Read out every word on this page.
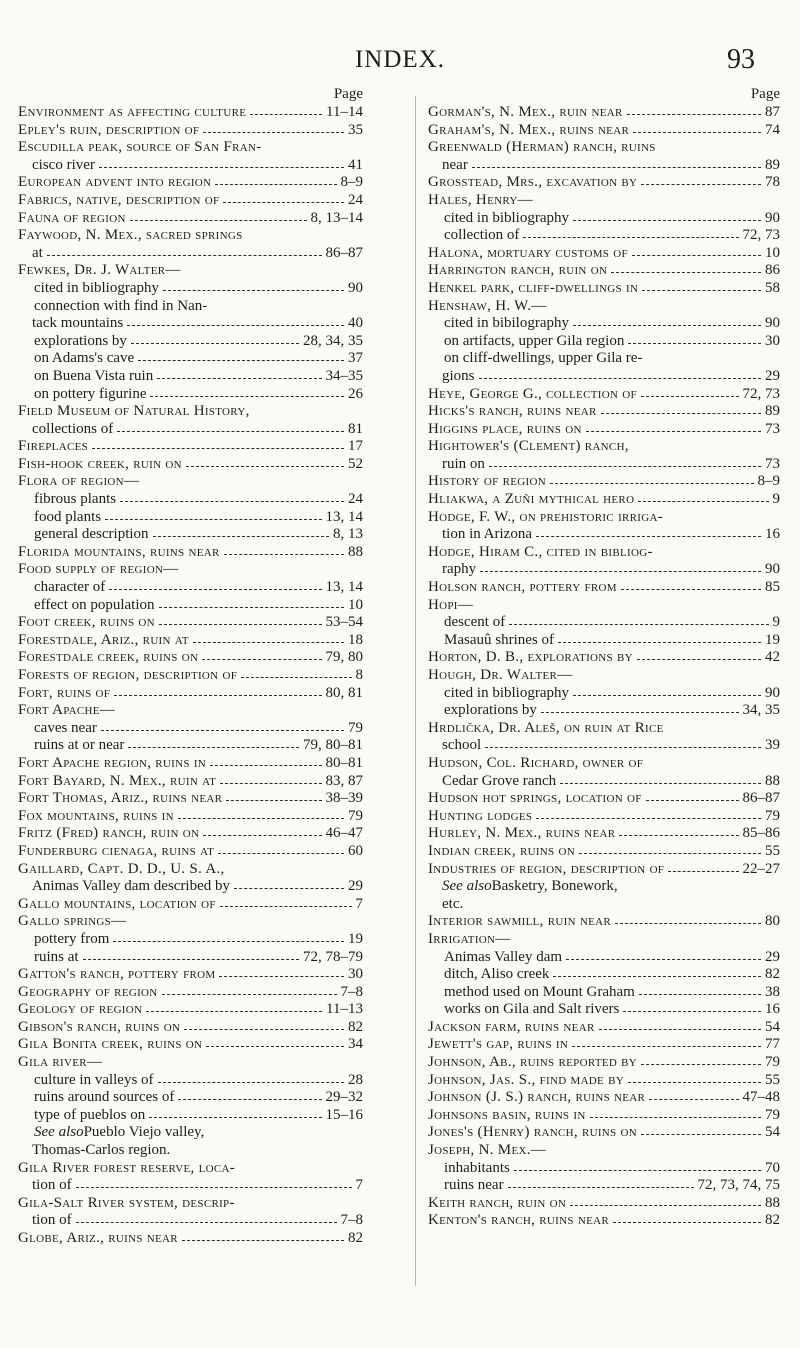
INDEX.	93
Page
Environment as affecting culture	11–14
Epley's ruin, description of	35
Escudilla peak, source of San Fran-
cisco river	41
European advent into region	8–9
Fabrics, native, description of	24
Fauna of region	8, 13–14
Faywood, N. Mex., sacred springs
at	86–87
Fewkes, Dr. J. Walter—
cited in bibliography	90
connection with find in Nan-
tack mountains	40
explorations by	28, 34, 35
on Adams's cave	37
on Buena Vista ruin	34–35
on pottery figurine	26
Field Museum of Natural History,
collections of	81
Fireplaces	17
Fish-hook creek, ruin on	52
Flora of region—
fibrous plants	24
food plants	13, 14
general description	8, 13
Florida mountains, ruins near	88
Food supply of region—
character of	13, 14
effect on population	10
Foot creek, ruins on	53–54
Forestdale, Ariz., ruin at	18
Forestdale creek, ruins on	79, 80
Forests of region, description of	8
Fort, ruins of	80, 81
Fort Apache—
caves near	79
ruins at or near	79, 80–81
Fort Apache region, ruins in	80–81
Fort Bayard, N. Mex., ruin at	83, 87
Fort Thomas, Ariz., ruins near	38–39
Fox mountains, ruins in	79
Fritz (Fred) ranch, ruin on	46–47
Funderburg cienaga, ruins at	60
Gaillard, Capt. D. D., U. S. A.,
Animas Valley dam described by	29
Gallo mountains, location of	7
Gallo springs—
pottery from	19
ruins at	72, 78–79
Gatton's ranch, pottery from	30
Geography of region	7–8
Geology of region	11–13
Gibson's ranch, ruins on	82
Gila Bonita creek, ruins on	34
Gila river—
culture in valleys of	28
ruins around sources of	29–32
type of pueblos on	15–16
See also Pueblo Viejo valley,
Thomas-Carlos region.
Gila River forest reserve, loca-
tion of	7
Gila-Salt River system, descrip-
tion of	7–8
Globe, Ariz., ruins near	82
Page
Gorman's, N. Mex., ruin near	87
Graham's, N. Mex., ruins near	74
Greenwald (Herman) ranch, ruins
near	89
Grosstead, Mrs., excavation by	78
Hales, Henry—
cited in bibliography	90
collection of	72, 73
Halona, mortuary customs of	10
Harrington ranch, ruin on	86
Henkel park, cliff-dwellings in	58
Henshaw, H. W.—
cited in bibilography	90
on artifacts, upper Gila region	30
on cliff-dwellings, upper Gila re-
gions	29
Heye, George G., collection of	72, 73
Hicks's ranch, ruins near	89
Higgins place, ruins on	73
Hightower's (Clement) ranch,
ruin on	73
History of region	8–9
Hliakwa, a Zuñi mythical hero	9
Hodge, F. W., on prehistoric irriga-
tion in Arizona	16
Hodge, Hiram C., cited in bibliog-
raphy	90
Holson ranch, pottery from	85
Hopi—
descent of	9
Masauû shrines of	19
Horton, D. B., explorations by	42
Hough, Dr. Walter—
cited in bibliography	90
explorations by	34, 35
Hrdlička, Dr. Aleš, on ruin at Rice
school	39
Hudson, Col. Richard, owner of
Cedar Grove ranch	88
Hudson hot springs, location of	86–87
Hunting lodges	79
Hurley, N. Mex., ruins near	85–86
Indian creek, ruins on	55
Industries of region, description of	22–27
See also Basketry, Bonework,
etc.
Interior sawmill, ruin near	80
Irrigation—
Animas Valley dam	29
ditch, Aliso creek	82
method used on Mount Graham	38
works on Gila and Salt rivers	16
Jackson farm, ruins near	54
Jewett's gap, ruins in	77
Johnson, Ab., ruins reported by	79
Johnson, Jas. S., find made by	55
Johnson (J. S.) ranch, ruins near	47–48
Johnsons basin, ruins in	79
Jones's (Henry) ranch, ruins on	54
Joseph, N. Mex.—
inhabitants	70
ruins near	72, 73, 74, 75
Keith ranch, ruin on	88
Kenton's ranch, ruins near	82
